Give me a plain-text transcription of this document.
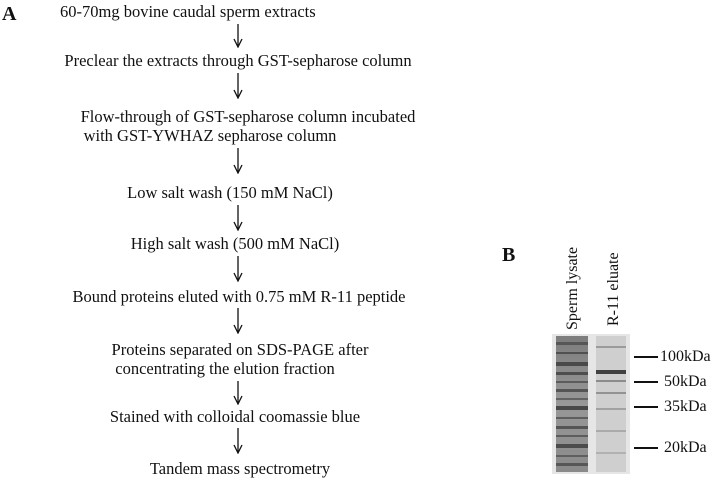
A	60-70mg bovine caudal sperm extracts
Preclear the extracts through GST-sepharose column
Flow-through of GST-sepharose column incubated
with GST-YWHAZ sepharose column
Low salt wash (150 mM NaCl)
High salt wash (500 mM NaCl)
Bound proteins eluted with 0.75 mM R-11 peptide
Proteins separated on SDS-PAGE after
concentrating the elution fraction
Stained with colloidal coomassie blue
Tandem mass spectrometry
B	Sperm lysate R-11 eluate
100kDa
50kDa
35kDa
20kDa
